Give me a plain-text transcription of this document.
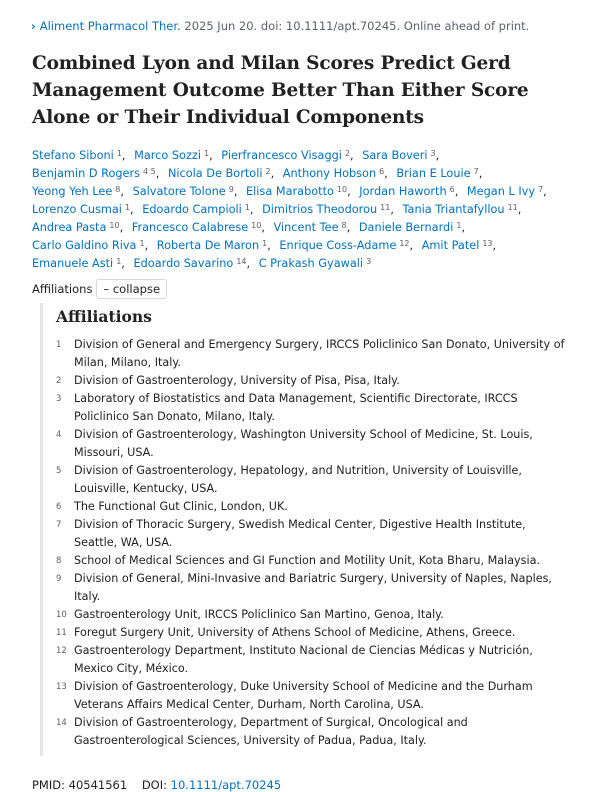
› Aliment Pharmacol Ther. 2025 Jun 20. doi: 10.1111/apt.70245. Online ahead of print.
Combined Lyon and Milan Scores Predict Gerd Management Outcome Better Than Either Score Alone or Their Individual Components
Stefano Siboni $^1$, Marco Sozzi $^1$, Pierfrancesco Visaggi $^2$, Sara Boveri $^3$, Benjamin D Rogers $^{4 5}$, Nicola De Bortoli $^2$, Anthony Hobson $^6$, Brian E Louie $^7$, Yeong Yeh Lee $^8$, Salvatore Tolone $^9$, Elisa Marabotto $^{10}$, Jordan Haworth $^6$, Megan L Ivy $^7$, Lorenzo Cusmai $^1$, Edoardo Campioli $^1$, Dimitrios Theodorou $^{11}$, Tania Triantafyllou $^{11}$, Andrea Pasta $^{10}$, Francesco Calabrese $^{10}$, Vincent Tee $^8$, Daniele Bernardi $^1$, Carlo Galdino Riva $^1$, Roberta De Maron $^1$, Enrique Coss-Adame $^{12}$, Amit Patel $^{13}$, Emanuele Asti $^1$, Edoardo Savarino $^{14}$, C Prakash Gyawali $^3$
Affiliations – collapse
Affiliations
1	Division of General and Emergency Surgery, IRCCS Policlinico San Donato, University of Milan, Milano, Italy.
2	Division of Gastroenterology, University of Pisa, Pisa, Italy.
3	Laboratory of Biostatistics and Data Management, Scientific Directorate, IRCCS Policlinico San Donato, Milano, Italy.
4	Division of Gastroenterology, Washington University School of Medicine, St. Louis, Missouri, USA.
5	Division of Gastroenterology, Hepatology, and Nutrition, University of Louisville, Louisville, Kentucky, USA.
6	The Functional Gut Clinic, London, UK.
7	Division of Thoracic Surgery, Swedish Medical Center, Digestive Health Institute, Seattle, WA, USA.
8	School of Medical Sciences and GI Function and Motility Unit, Kota Bharu, Malaysia.
9	Division of General, Mini-Invasive and Bariatric Surgery, University of Naples, Naples, Italy.
10 Gastroenterology Unit, IRCCS Policlinico San Martino, Genoa, Italy.
11 Foregut Surgery Unit, University of Athens School of Medicine, Athens, Greece.
12 Gastroenterology Department, Instituto Nacional de Ciencias Médicas y Nutrición, Mexico City, México.
13 Division of Gastroenterology, Duke University School of Medicine and the Durham Veterans Affairs Medical Center, Durham, North Carolina, USA.
14 Division of Gastroenterology, Department of Surgical, Oncological and Gastroenterological Sciences, University of Padua, Padua, Italy.
PMID: 40541561 DOI: 10.1111/apt.70245
